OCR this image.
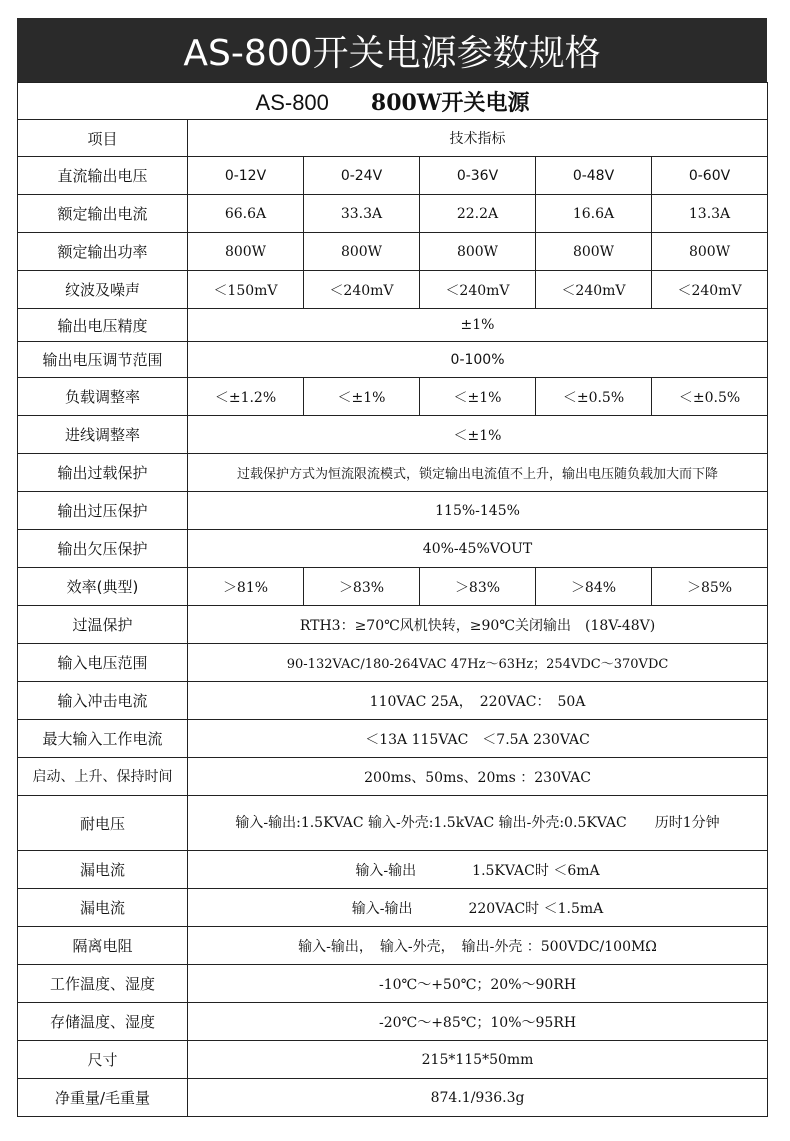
AS-800开关电源参数规格
AS-800 800W开关电源					
项目	技术指标				
直流输出电压	0-12V	0-24V	0-36V	0-48V	0-60V
额定输出电流	66.6A	33.3A	22.2A	16.6A	13.3A
额定输出功率	800W	800W	800W	800W	800W
纹波及噪声	＜150mV	＜240mV	＜240mV	＜240mV	＜240mV
输出电压精度	±1%				
输出电压调节范围	0-100%				
负载调整率	＜±1.2%	＜±1%	＜±1%	＜±0.5%	＜±0.5%
进线调整率	＜±1%				
输出过载保护	过载保护方式为恒流限流模式，锁定输出电流值不上升，输出电压随负载加大而下降				
输出过压保护	115%-145%				
输出欠压保护	40%-45%VOUT				
效率(典型)	＞81%	＞83%	＞83%	＞84%	＞85%
过温保护	RTH3：≥70℃风机快转，≥90℃关闭输出　(18V-48V)				
输入电压范围	90-132VAC/180-264VAC 47Hz～63Hz；254VDC～370VDC				
输入冲击电流	110VAC 25A，　220VAC：　50A				
最大输入工作电流	＜13A 115VAC　＜7.5A 230VAC				
启动、上升、保持时间	200ms、50ms、20ms ：230VAC				
耐电压	输入-输出:1.5KVAC 输入-外壳:1.5kVAC 输出-外壳:0.5KVAC　　历时1分钟				
漏电流	输入-输出　　　　1.5KVAC时 ＜6mA				
漏电流	输入-输出　　　　220VAC时 ＜1.5mA				
隔离电阻	输入-输出，　输入-外壳，　输出-外壳 ：500VDC/100MΩ				
工作温度、湿度	-10℃～+50℃；20%～90RH				
存储温度、湿度	-20℃～+85℃；10%～95RH				
尺寸	215*115*50mm				
净重量/毛重量	874.1/936.3g				
